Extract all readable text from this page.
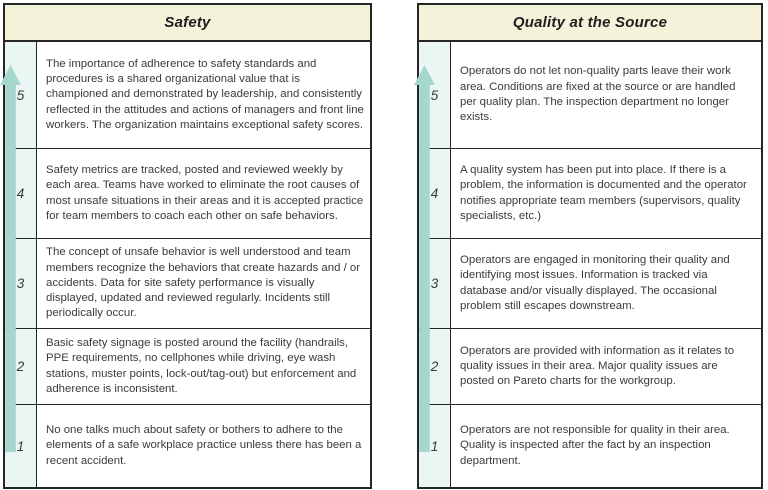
Safety
5
The importance of adherence to safety standards and procedures is a shared organizational value that is championed and demonstrated by leadership, and consistently reflected in the attitudes and actions of managers and front line workers. The organization maintains exceptional safety scores.
4
Safety metrics are tracked, posted and reviewed weekly by each area. Teams have worked to eliminate the root causes of most unsafe situations in their areas and it is accepted practice for team members to coach each other on safe behaviors.
3
The concept of unsafe behavior is well understood and team members recognize the behaviors that create hazards and / or accidents. Data for site safety performance is visually displayed, updated and reviewed regularly. Incidents still periodically occur.
2
Basic safety signage is posted around the facility (handrails, PPE requirements, no cellphones while driving, eye wash stations, muster points, lock-out/tag-out) but enforcement and adherence is inconsistent.
1
No one talks much about safety or bothers to adhere to the elements of a safe workplace practice unless there has been a recent accident.
Quality at the Source
5
Operators do not let non-quality parts leave their work area. Conditions are fixed at the source or are handled per quality plan. The inspection department no longer exists.
4
A quality system has been put into place. If there is a problem, the information is documented and the operator notifies appropriate team members (supervisors, quality specialists, etc.)
3
Operators are engaged in monitoring their quality and identifying most issues. Information is tracked via database and/or visually displayed. The occasional problem still escapes downstream.
2
Operators are provided with information as it relates to quality issues in their area. Major quality issues are posted on Pareto charts for the workgroup.
1
Operators are not responsible for quality in their area. Quality is inspected after the fact by an inspection department.
